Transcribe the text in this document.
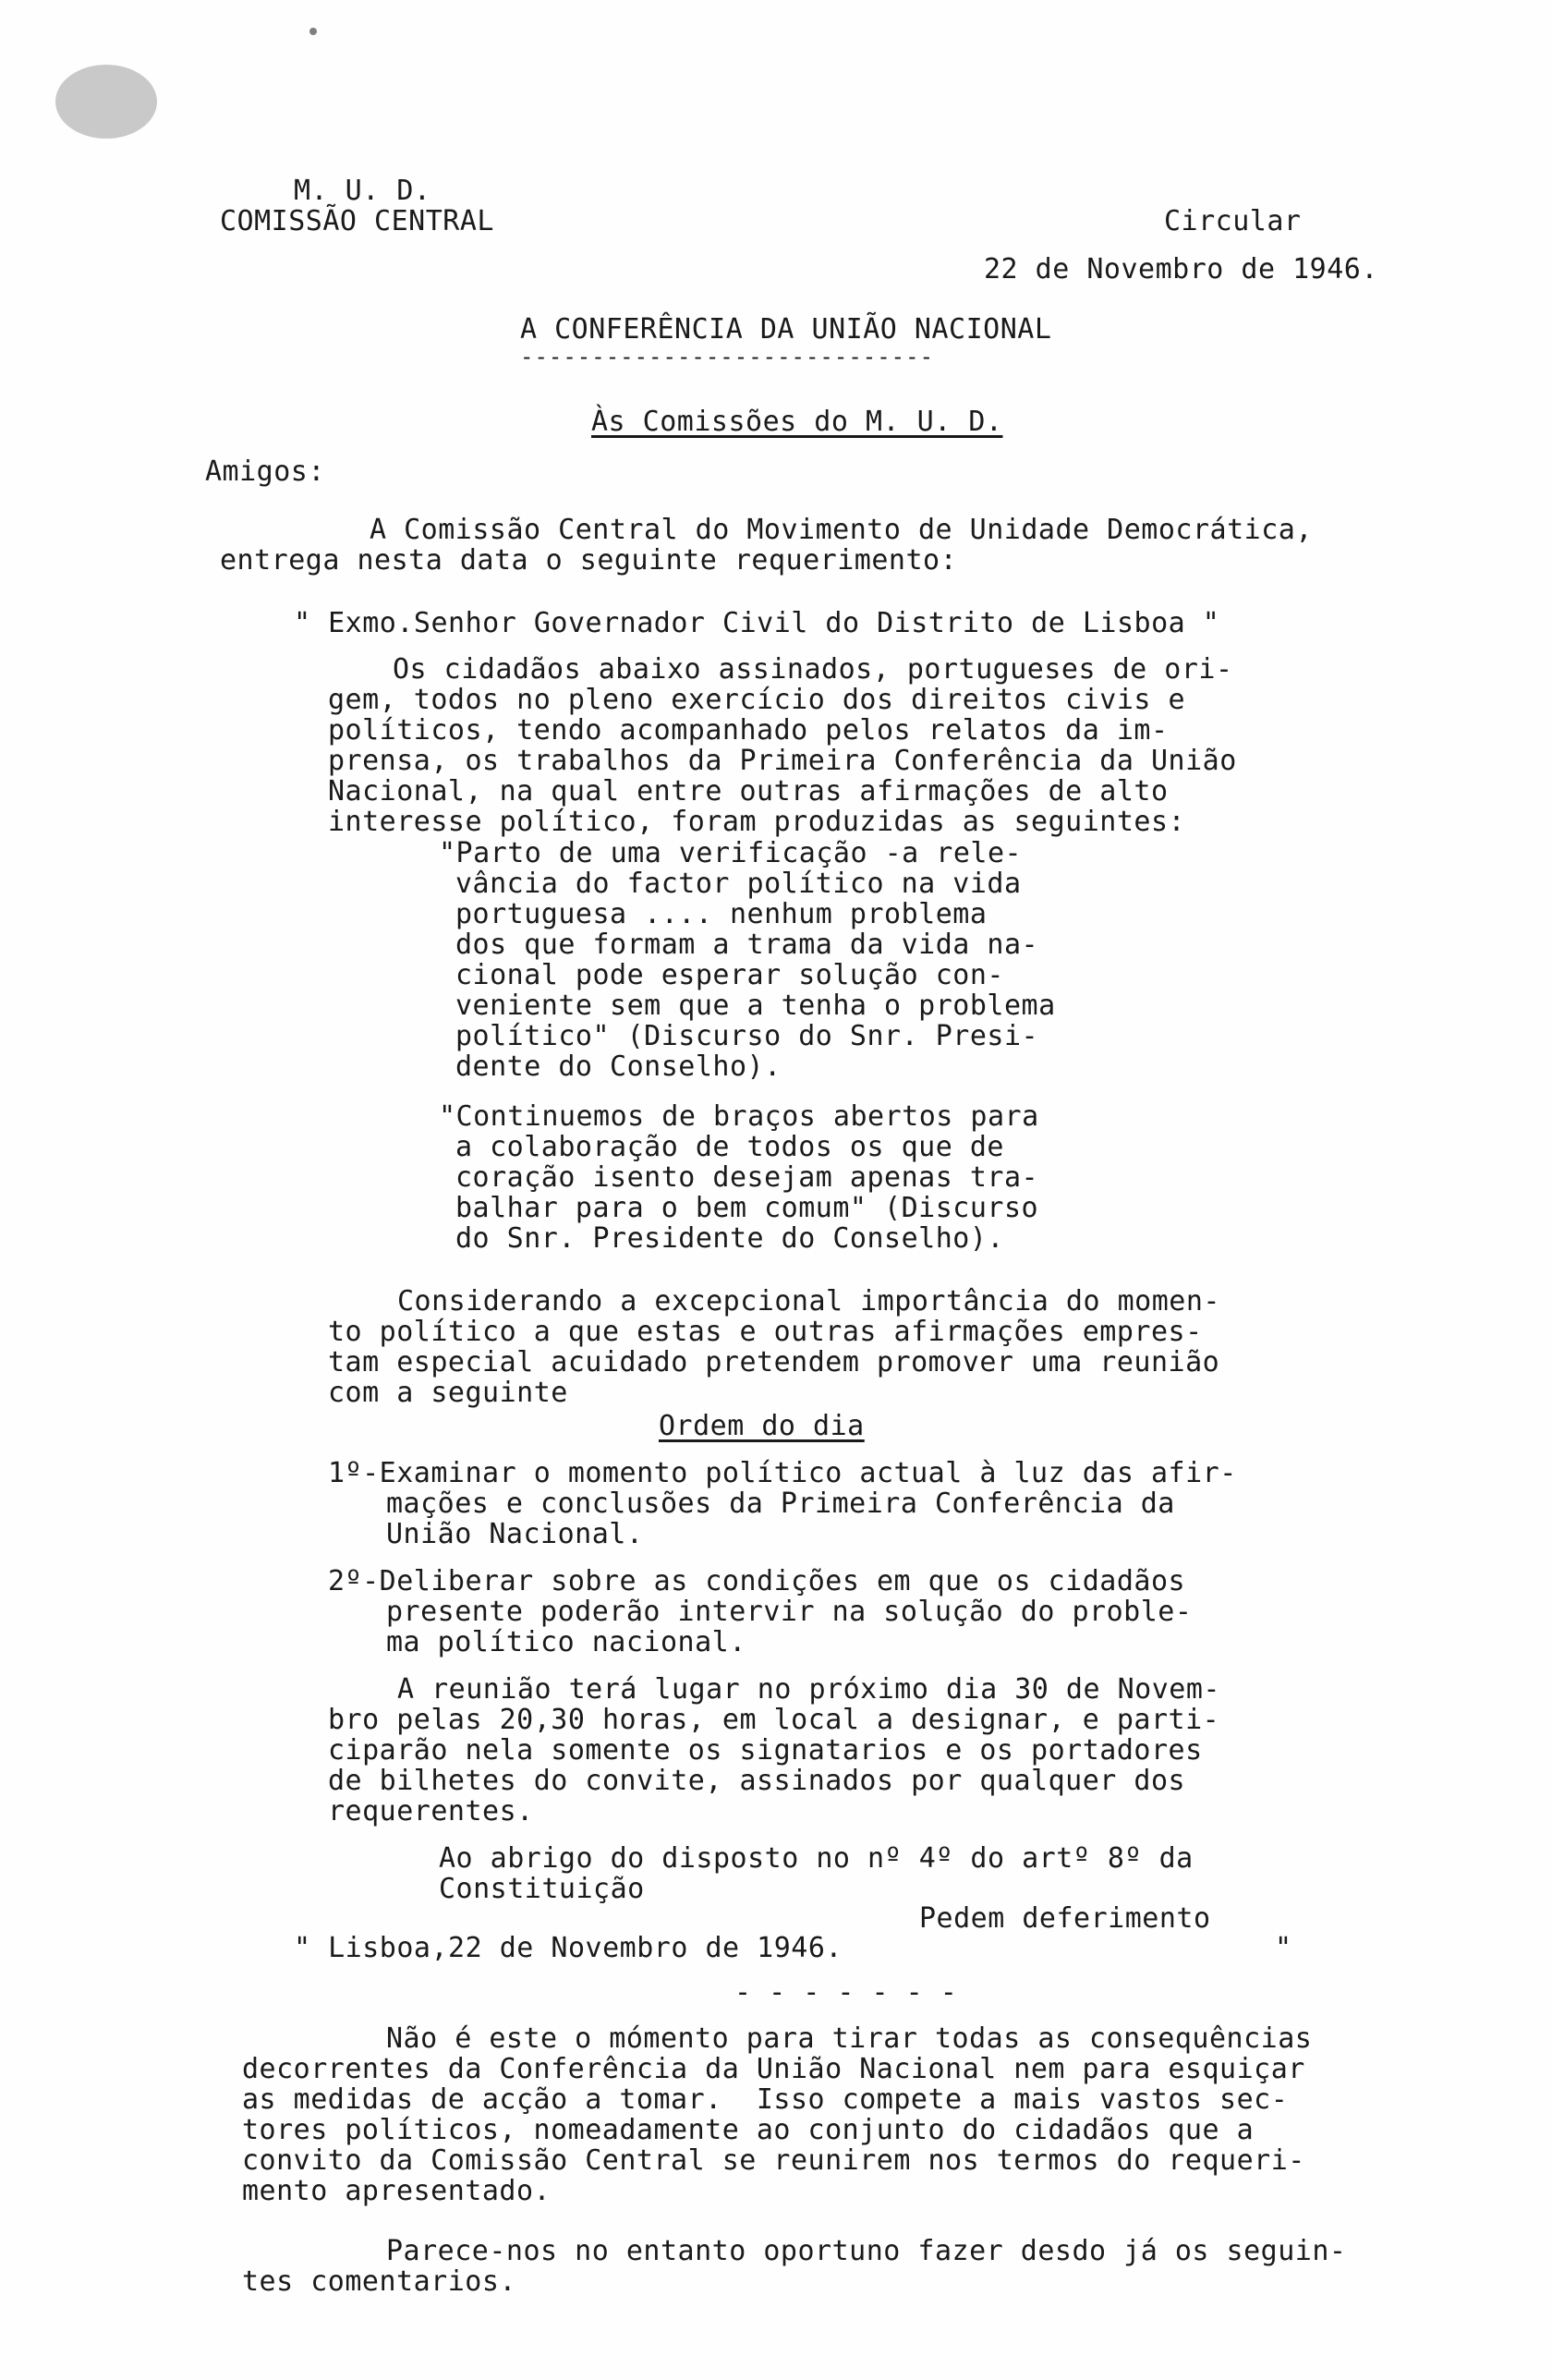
M. U. D.
COMISSÃO CENTRAL	Circular
22 de Novembro de 1946.
A CONFERÊNCIA DA UNIÃO NACIONAL
-----------------------------
Às Comissões do M. U. D.
Amigos:
A Comissão Central do Movimento de Unidade Democrática,
entrega nesta data o seguinte requerimento:
" Exmo.Senhor Governador Civil do Distrito de Lisboa "
Os cidadãos abaixo assinados, portugueses de ori-
gem, todos no pleno exercício dos direitos civis e
políticos, tendo acompanhado pelos relatos da im-
prensa, os trabalhos da Primeira Conferência da União
Nacional, na qual entre outras afirmações de alto
interesse político, foram produzidas as seguintes:
"Parto de uma verificação -a rele-
vância do factor político na vida
portuguesa .... nenhum problema
dos que formam a trama da vida na-
cional pode esperar solução con-
veniente sem que a tenha o problema
político" (Discurso do Snr. Presi-
dente do Conselho).
"Continuemos de braços abertos para
a colaboração de todos os que de
coração isento desejam apenas tra-
balhar para o bem comum" (Discurso
do Snr. Presidente do Conselho).
Considerando a excepcional importância do momen-
to político a que estas e outras afirmações empres-
tam especial acuidado pretendem promover uma reunião
com a seguinte
Ordem do dia
1º-Examinar o momento político actual à luz das afir-
mações e conclusões da Primeira Conferência da
União Nacional.
2º-Deliberar sobre as condições em que os cidadãos
presente poderão intervir na solução do proble-
ma político nacional.
A reunião terá lugar no próximo dia 30 de Novem-
bro pelas 20,30 horas, em local a designar, e parti-
ciparão nela somente os signatarios e os portadores
de bilhetes do convite, assinados por qualquer dos
requerentes.
Ao abrigo do disposto no nº 4º do artº 8º da
Constituição
Pedem deferimento
" Lisboa,22 de Novembro de 1946.	"
- - - - - - -
Não é este o mómento para tirar todas as consequências
decorrentes da Conferência da União Nacional nem para esquiçar
as medidas de acção a tomar.  Isso compete a mais vastos sec-
tores políticos, nomeadamente ao conjunto do cidadãos que a
convito da Comissão Central se reunirem nos termos do requeri-
mento apresentado.
Parece-nos no entanto oportuno fazer desdo já os seguin-
tes comentarios.
